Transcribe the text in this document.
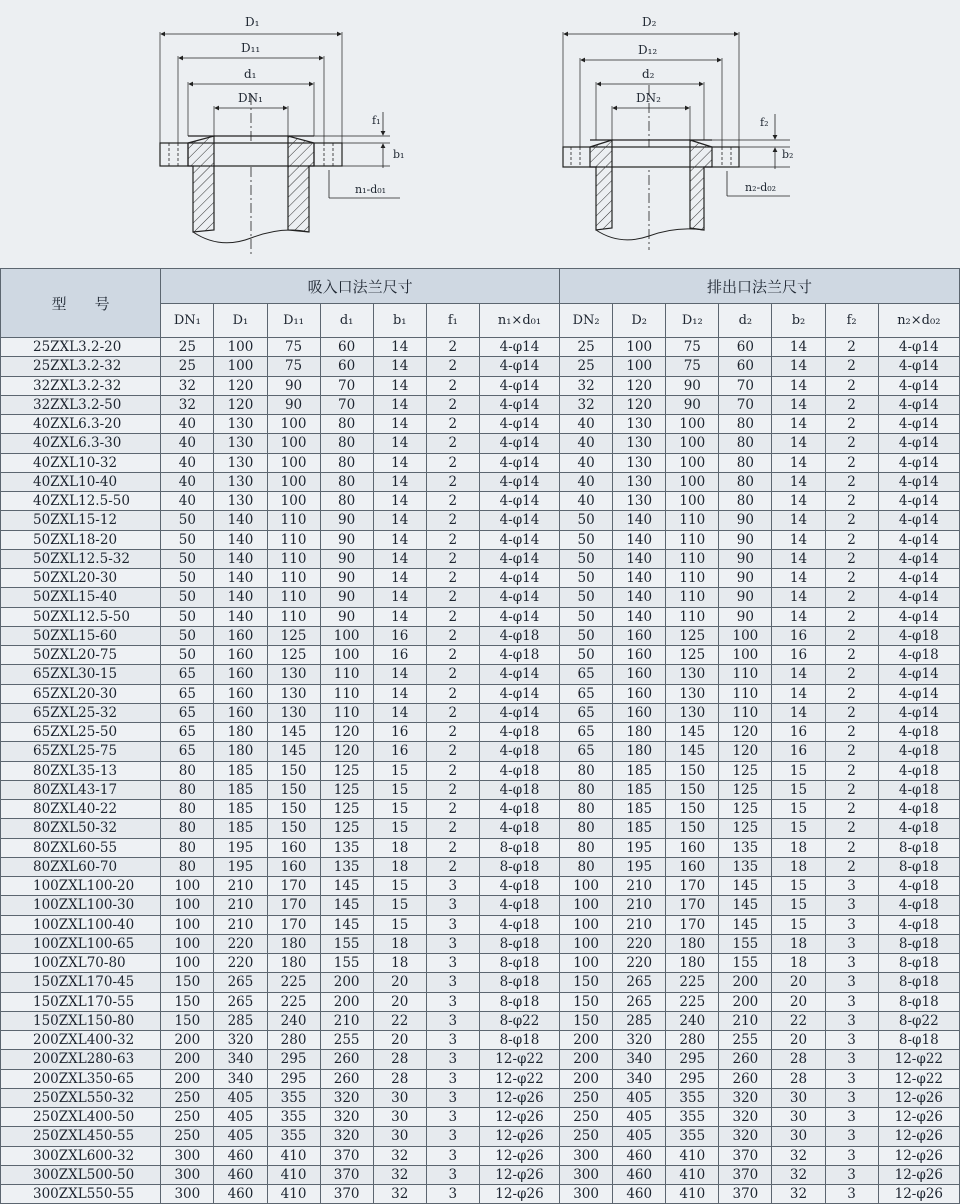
D₁
D₁₁
d₁
DN₁
f₁
b₁
n₁-d₀₁
D₂
D₁₂
d₂
DN₂
f₂
b₂
n₂-d₀₂
型号	吸入口法兰尺寸							排出口法兰尺寸						
	DN₁	D₁	D₁₁	d₁	b₁	f₁	n₁×d₀₁	DN₂	D₂	D₁₂	d₂	b₂	f₂	n₂×d₀₂
25ZXL3.2-20	25	100	75	60	14	2	4-φ14	25	100	75	60	14	2	4-φ14
25ZXL3.2-32	25	100	75	60	14	2	4-φ14	25	100	75	60	14	2	4-φ14
32ZXL3.2-32	32	120	90	70	14	2	4-φ14	32	120	90	70	14	2	4-φ14
32ZXL3.2-50	32	120	90	70	14	2	4-φ14	32	120	90	70	14	2	4-φ14
40ZXL6.3-20	40	130	100	80	14	2	4-φ14	40	130	100	80	14	2	4-φ14
40ZXL6.3-30	40	130	100	80	14	2	4-φ14	40	130	100	80	14	2	4-φ14
40ZXL10-32	40	130	100	80	14	2	4-φ14	40	130	100	80	14	2	4-φ14
40ZXL10-40	40	130	100	80	14	2	4-φ14	40	130	100	80	14	2	4-φ14
40ZXL12.5-50	40	130	100	80	14	2	4-φ14	40	130	100	80	14	2	4-φ14
50ZXL15-12	50	140	110	90	14	2	4-φ14	50	140	110	90	14	2	4-φ14
50ZXL18-20	50	140	110	90	14	2	4-φ14	50	140	110	90	14	2	4-φ14
50ZXL12.5-32	50	140	110	90	14	2	4-φ14	50	140	110	90	14	2	4-φ14
50ZXL20-30	50	140	110	90	14	2	4-φ14	50	140	110	90	14	2	4-φ14
50ZXL15-40	50	140	110	90	14	2	4-φ14	50	140	110	90	14	2	4-φ14
50ZXL12.5-50	50	140	110	90	14	2	4-φ14	50	140	110	90	14	2	4-φ14
50ZXL15-60	50	160	125	100	16	2	4-φ18	50	160	125	100	16	2	4-φ18
50ZXL20-75	50	160	125	100	16	2	4-φ18	50	160	125	100	16	2	4-φ18
65ZXL30-15	65	160	130	110	14	2	4-φ14	65	160	130	110	14	2	4-φ14
65ZXL20-30	65	160	130	110	14	2	4-φ14	65	160	130	110	14	2	4-φ14
65ZXL25-32	65	160	130	110	14	2	4-φ14	65	160	130	110	14	2	4-φ14
65ZXL25-50	65	180	145	120	16	2	4-φ18	65	180	145	120	16	2	4-φ18
65ZXL25-75	65	180	145	120	16	2	4-φ18	65	180	145	120	16	2	4-φ18
80ZXL35-13	80	185	150	125	15	2	4-φ18	80	185	150	125	15	2	4-φ18
80ZXL43-17	80	185	150	125	15	2	4-φ18	80	185	150	125	15	2	4-φ18
80ZXL40-22	80	185	150	125	15	2	4-φ18	80	185	150	125	15	2	4-φ18
80ZXL50-32	80	185	150	125	15	2	4-φ18	80	185	150	125	15	2	4-φ18
80ZXL60-55	80	195	160	135	18	2	8-φ18	80	195	160	135	18	2	8-φ18
80ZXL60-70	80	195	160	135	18	2	8-φ18	80	195	160	135	18	2	8-φ18
100ZXL100-20	100	210	170	145	15	3	4-φ18	100	210	170	145	15	3	4-φ18
100ZXL100-30	100	210	170	145	15	3	4-φ18	100	210	170	145	15	3	4-φ18
100ZXL100-40	100	210	170	145	15	3	4-φ18	100	210	170	145	15	3	4-φ18
100ZXL100-65	100	220	180	155	18	3	8-φ18	100	220	180	155	18	3	8-φ18
100ZXL70-80	100	220	180	155	18	3	8-φ18	100	220	180	155	18	3	8-φ18
150ZXL170-45	150	265	225	200	20	3	8-φ18	150	265	225	200	20	3	8-φ18
150ZXL170-55	150	265	225	200	20	3	8-φ18	150	265	225	200	20	3	8-φ18
150ZXL150-80	150	285	240	210	22	3	8-φ22	150	285	240	210	22	3	8-φ22
200ZXL400-32	200	320	280	255	20	3	8-φ18	200	320	280	255	20	3	8-φ18
200ZXL280-63	200	340	295	260	28	3	12-φ22	200	340	295	260	28	3	12-φ22
200ZXL350-65	200	340	295	260	28	3	12-φ22	200	340	295	260	28	3	12-φ22
250ZXL550-32	250	405	355	320	30	3	12-φ26	250	405	355	320	30	3	12-φ26
250ZXL400-50	250	405	355	320	30	3	12-φ26	250	405	355	320	30	3	12-φ26
250ZXL450-55	250	405	355	320	30	3	12-φ26	250	405	355	320	30	3	12-φ26
300ZXL600-32	300	460	410	370	32	3	12-φ26	300	460	410	370	32	3	12-φ26
300ZXL500-50	300	460	410	370	32	3	12-φ26	300	460	410	370	32	3	12-φ26
300ZXL550-55	300	460	410	370	32	3	12-φ26	300	460	410	370	32	3	12-φ26
